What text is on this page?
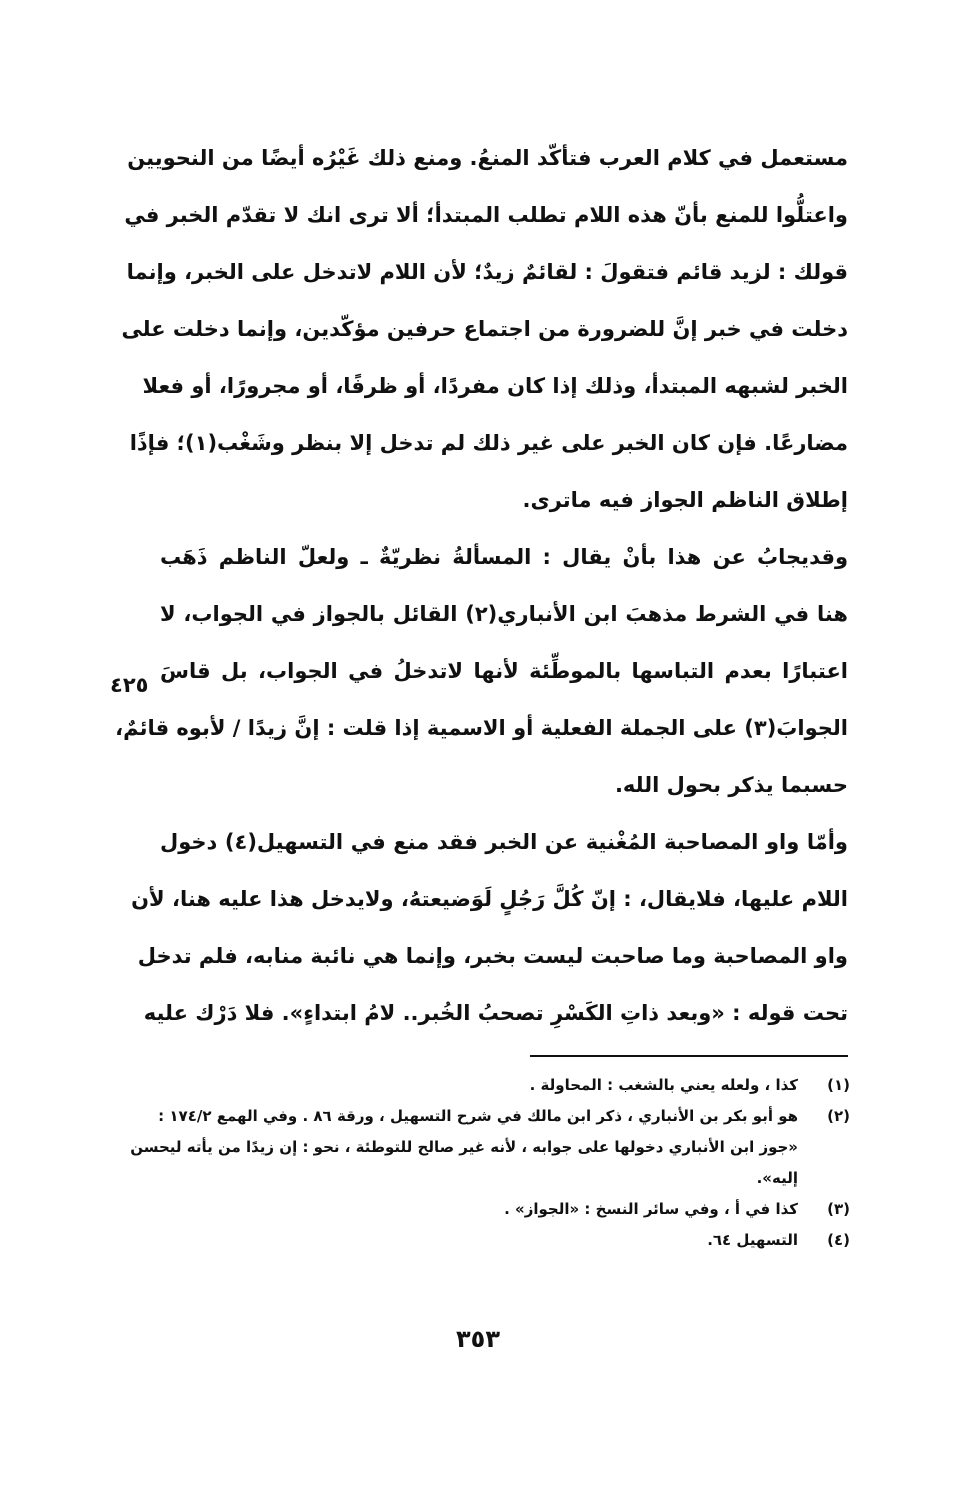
مستعمل في كلام العرب فتأكّد المنعُ. ومنع ذلك غَيْرُه أيضًا من النحويين
واعتلُّوا للمنع بأنّ هذه اللام تطلب المبتدأ؛ ألا ترى انك لا تقدّم الخبر في
قولك : لزيد قائم فتقولَ : لقائمٌ زيدٌ؛ لأن اللام لاتدخل على الخبر، وإنما
دخلت في خبر إنَّ للضرورة من اجتماع حرفين مؤكّدين، وإنما دخلت على
الخبر لشبهه المبتدأ، وذلك إذا كان مفردًا، أو ظرفًا، أو مجرورًا، أو فعلا
مضارعًا. فإن كان الخبر على غير ذلك لم تدخل إلا بنظر وشَغْب(١)؛ فإذًا
إطلاق الناظم الجواز فيه ماترى.
وقديجابُ عن هذا بأنْ يقال : المسألةُ نظريّةٌ ـ ولعلّ الناظم ذَهَب
هنا في الشرط مذهبَ ابن الأنباري(٢) القائل بالجواز في الجواب، لا
اعتبارًا بعدم التباسها بالموطِّئة لأنها لاتدخلُ في الجواب، بل قاسَ
الجوابَ(٣) على الجملة الفعلية أو الاسمية إذا قلت : إنَّ زيدًا / لأبوه قائمٌ،
حسبما يذكر بحول الله.
وأمّا واو المصاحبة المُغْنية عن الخبر فقد منع في التسهيل(٤) دخول
اللام عليها، فلايقال، : إنّ كُلَّ رَجُلٍ لَوَضيعتهُ، ولايدخل هذا عليه هنا، لأن
واو المصاحبة وما صاحبت ليست بخبر، وإنما هي نائبة منابه، فلم تدخل
تحت قوله : «وبعد ذاتِ الكَسْرِ تصحبُ الخُبر.. لامُ ابتداءٍ». فلا دَرْك عليه
٤٢٥
(١)
كذا ، ولعله يعني بالشغب : المحاولة .
(٢)
هو أبو بكر بن الأنباري ، ذكر ابن مالك في شرح التسهيل ، ورقة ٨٦ . وفي الهمع ١٧٤/٢ :
«جوز ابن الأنباري دخولها على جوابه ، لأنه غير صالح للتوطئة ، نحو : إن زيدًا من يأته ليحسن
إليه».
(٣)
كذا في أ ، وفي سائر النسخ : «الجواز» .
(٤)
التسهيل ٦٤.
٣٥٣
